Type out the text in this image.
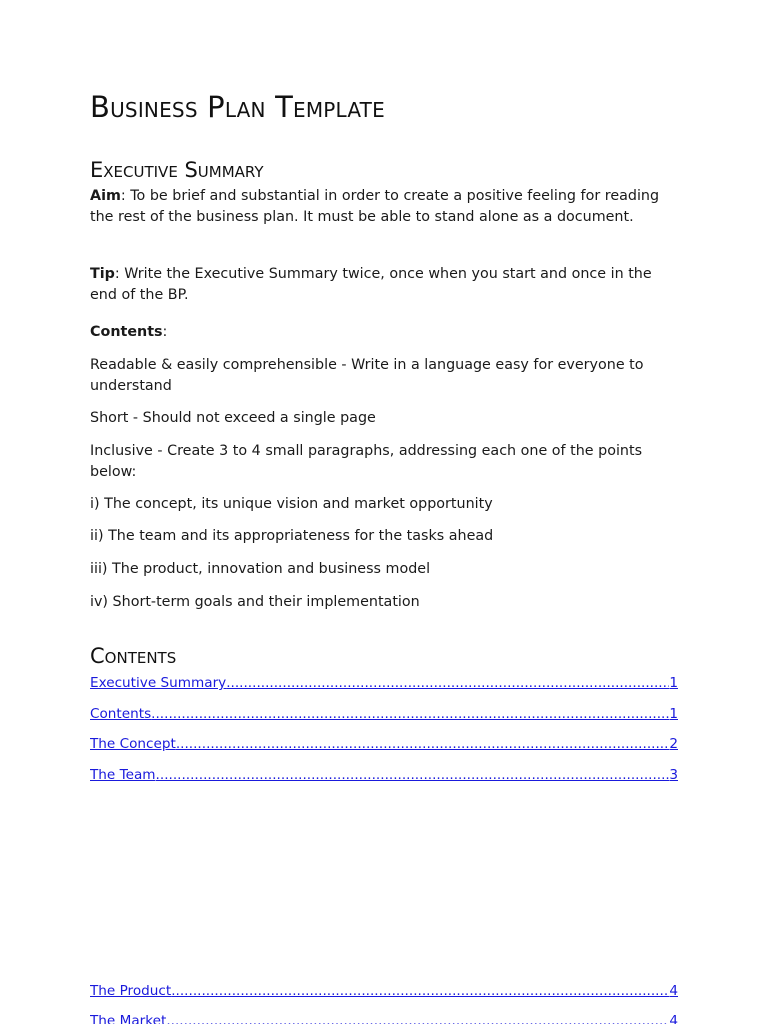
Business Plan Template
Executive Summary

Aim: To be brief and substantial in order to create a positive feeling for reading the rest of the business plan. It must be able to stand alone as a document.

Tip: Write the Executive Summary twice, once when you start and once in the end of the BP.

Contents:

Readable & easily comprehensible - Write in a language easy for everyone to understand

Short - Should not exceed a single page

Inclusive - Create 3 to 4 small paragraphs, addressing each one of the points below:

i) The concept, its unique vision and market opportunity

ii) The team and its appropriateness for the tasks ahead

iii) The product, innovation and business model

iv) Short-term goals and their implementation

Contents
Executive Summary .....	1
Contents .....	1
The Concept .....	2
The Team .....	3
The Product .....	4
The Market .....	4
